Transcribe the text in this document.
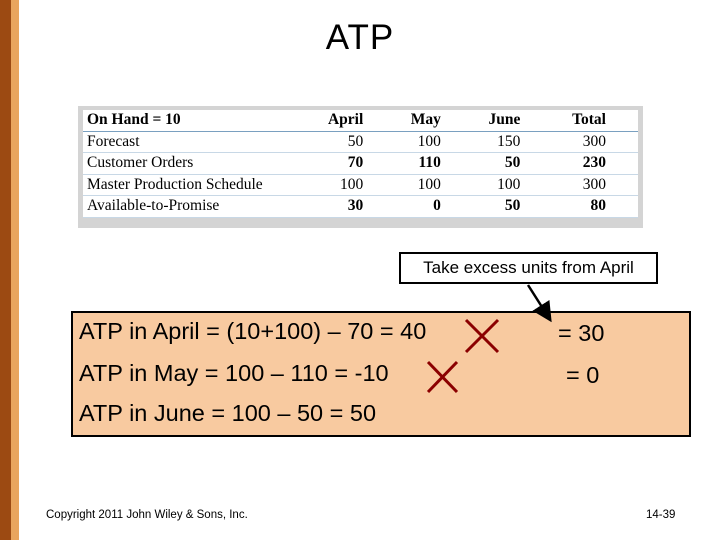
ATP
On Hand = 10	April	May	June	Total
Forecast	50	100	150	300
Customer Orders	70	110	50	230
Master Production Schedule	100	100	100	300
Available-to-Promise	30	0	50	80
Take excess units from April
ATP in April = (10+100) – 70 = 40
ATP in May = 100 – 110 = -10
ATP in June = 100 – 50 = 50
= 30
= 0
Copyright 2011 John Wiley & Sons, Inc.	14-39
